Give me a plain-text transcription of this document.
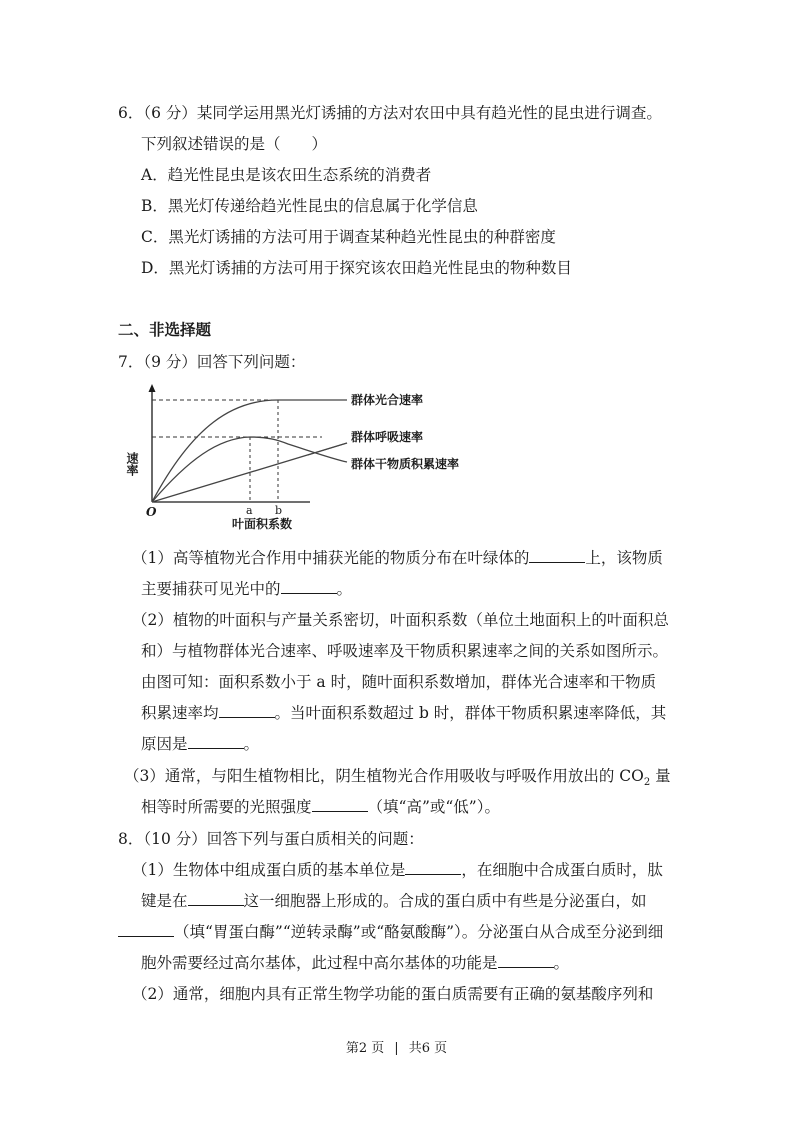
6．（6 分）某同学运用黑光灯诱捕的方法对农田中具有趋光性的昆虫进行调查。
下列叙述错误的是（　　）
A．趋光性昆虫是该农田生态系统的消费者
B．黑光灯传递给趋光性昆虫的信息属于化学信息
C．黑光灯诱捕的方法可用于调查某种趋光性昆虫的种群密度
D．黑光灯诱捕的方法可用于探究该农田趋光性昆虫的物种数目
二、非选择题
7．（9 分）回答下列问题：
群体光合速率
群体呼吸速率
群体干物质积累速率
速率
O	a b
叶面积系数
（1）高等植物光合作用中捕获光能的物质分布在叶绿体的	上，该物质
主要捕获可见光中的	。
（2）植物的叶面积与产量关系密切，叶面积系数（单位土地面积上的叶面积总
和）与植物群体光合速率、呼吸速率及干物质积累速率之间的关系如图所示。
由图可知：面积系数小于 a 时，随叶面积系数增加，群体光合速率和干物质
积累速率均	。当叶面积系数超过 b 时，群体干物质积累速率降低，其
原因是	。
（3）通常，与阳生植物相比，阴生植物光合作用吸收与呼吸作用放出的 $CO_2$ 量
相等时所需要的光照强度	（填“高”或“低”）。
8．（10 分）回答下列与蛋白质相关的问题：
（1）生物体中组成蛋白质的基本单位是	，在细胞中合成蛋白质时，肽
键是在	这一细胞器上形成的。合成的蛋白质中有些是分泌蛋白，如
（填“胃蛋白酶”“逆转录酶”或“酪氨酸酶”）。分泌蛋白从合成至分泌到细
胞外需要经过高尔基体，此过程中高尔基体的功能是	。
（2）通常，细胞内具有正常生物学功能的蛋白质需要有正确的氨基酸序列和
第2 页 | 共6 页
